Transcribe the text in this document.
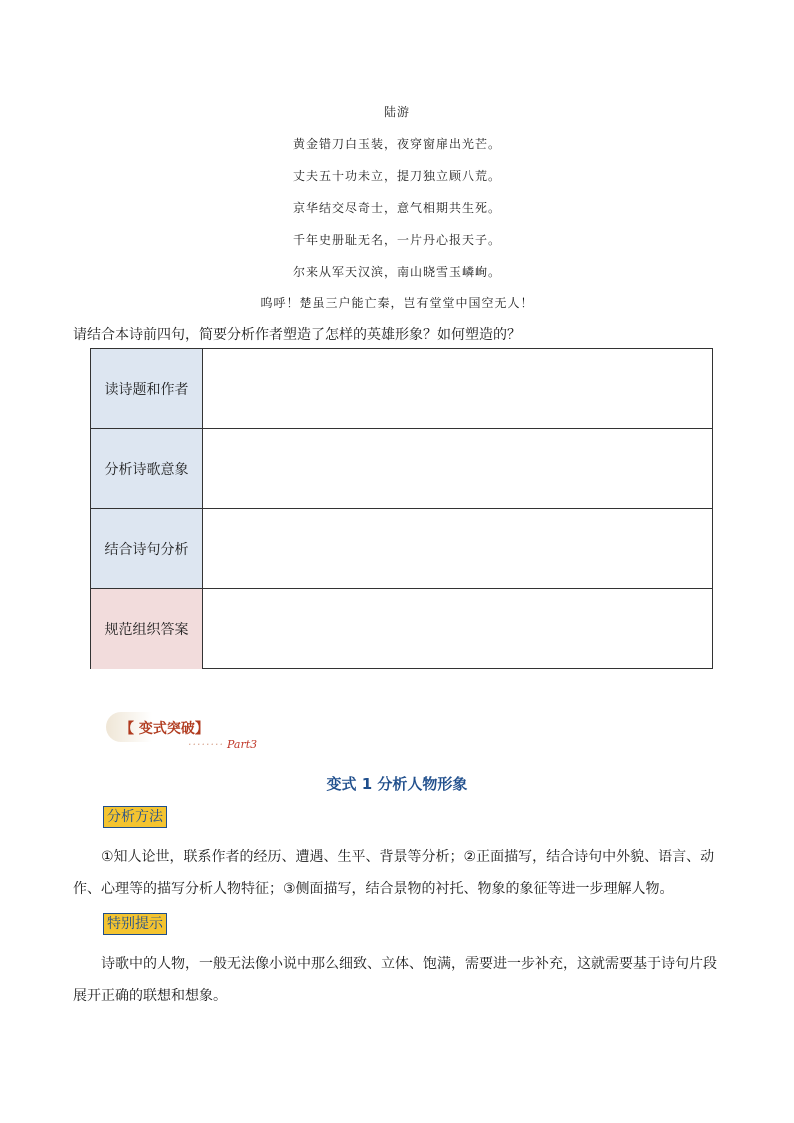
陆游
黄金错刀白玉装，夜穿窗扉出光芒。
丈夫五十功未立，提刀独立顾八荒。
京华结交尽奇士，意气相期共生死。
千年史册耻无名，一片丹心报天子。
尔来从军天汉滨，南山晓雪玉嶙峋。
呜呼！楚虽三户能亡秦，岂有堂堂中国空无人！
请结合本诗前四句，简要分析作者塑造了怎样的英雄形象？如何塑造的？
读诗题和作者
分析诗歌意象
结合诗句分析
规范组织答案
【 变式突破】
········ Part3
变式 1 分析人物形象
分析方法
①知人论世，联系作者的经历、遭遇、生平、背景等分析；②正面描写，结合诗句中外貌、语言、动作、心理等的描写分析人物特征；③侧面描写，结合景物的衬托、物象的象征等进一步理解人物。
特别提示
诗歌中的人物，一般无法像小说中那么细致、立体、饱满，需要进一步补充，这就需要基于诗句片段展开正确的联想和想象。
